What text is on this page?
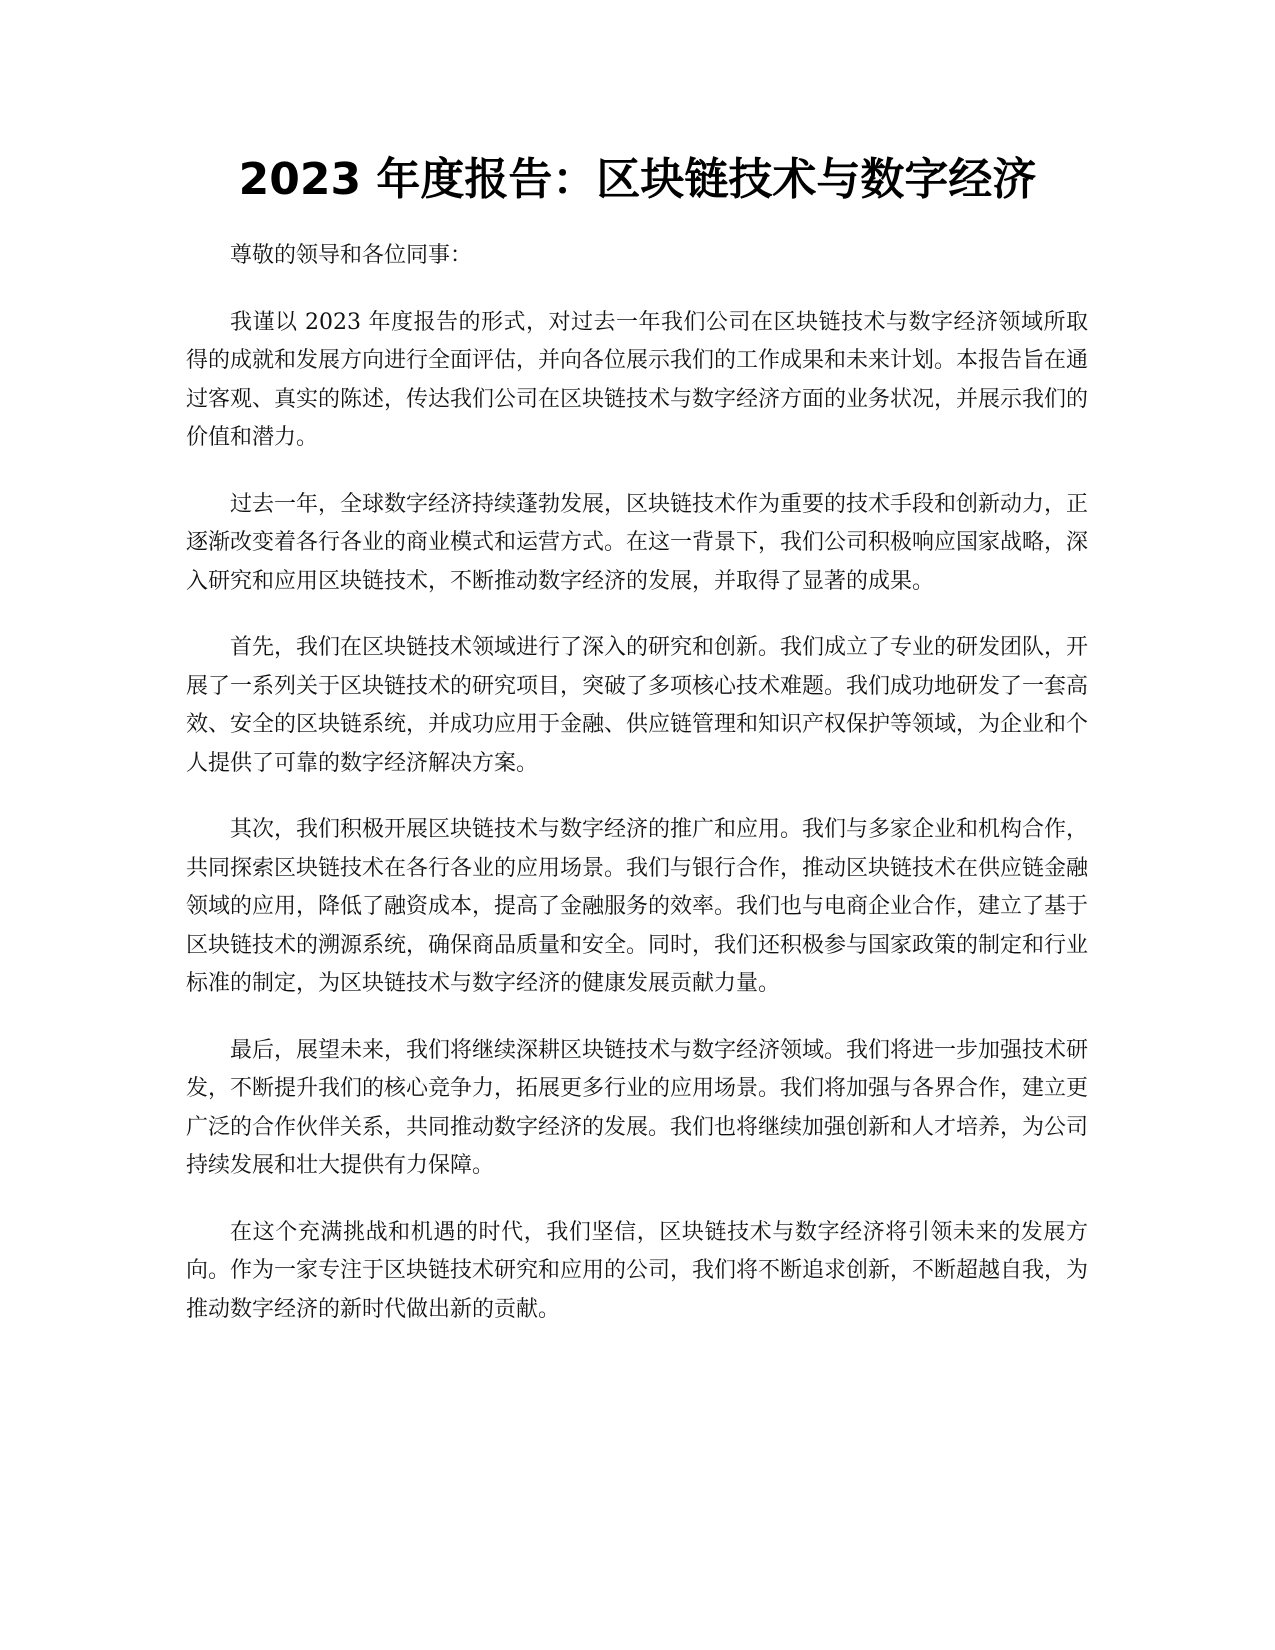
2023 年度报告：区块链技术与数字经济

尊敬的领导和各位同事：

我谨以 2023 年度报告的形式，对过去一年我们公司在区块链技术与数字经济领域所取得的成就和发展方向进行全面评估，并向各位展示我们的工作成果和未来计划。本报告旨在通过客观、真实的陈述，传达我们公司在区块链技术与数字经济方面的业务状况，并展示我们的价值和潜力。

过去一年，全球数字经济持续蓬勃发展，区块链技术作为重要的技术手段和创新动力，正逐渐改变着各行各业的商业模式和运营方式。在这一背景下，我们公司积极响应国家战略，深入研究和应用区块链技术，不断推动数字经济的发展，并取得了显著的成果。

首先，我们在区块链技术领域进行了深入的研究和创新。我们成立了专业的研发团队，开展了一系列关于区块链技术的研究项目，突破了多项核心技术难题。我们成功地研发了一套高效、安全的区块链系统，并成功应用于金融、供应链管理和知识产权保护等领域，为企业和个人提供了可靠的数字经济解决方案。

其次，我们积极开展区块链技术与数字经济的推广和应用。我们与多家企业和机构合作，共同探索区块链技术在各行各业的应用场景。我们与银行合作，推动区块链技术在供应链金融领域的应用，降低了融资成本，提高了金融服务的效率。我们也与电商企业合作，建立了基于区块链技术的溯源系统，确保商品质量和安全。同时，我们还积极参与国家政策的制定和行业标准的制定，为区块链技术与数字经济的健康发展贡献力量。

最后，展望未来，我们将继续深耕区块链技术与数字经济领域。我们将进一步加强技术研发，不断提升我们的核心竞争力，拓展更多行业的应用场景。我们将加强与各界合作，建立更广泛的合作伙伴关系，共同推动数字经济的发展。我们也将继续加强创新和人才培养，为公司持续发展和壮大提供有力保障。

在这个充满挑战和机遇的时代，我们坚信，区块链技术与数字经济将引领未来的发展方向。作为一家专注于区块链技术研究和应用的公司，我们将不断追求创新，不断超越自我，为推动数字经济的新时代做出新的贡献。
